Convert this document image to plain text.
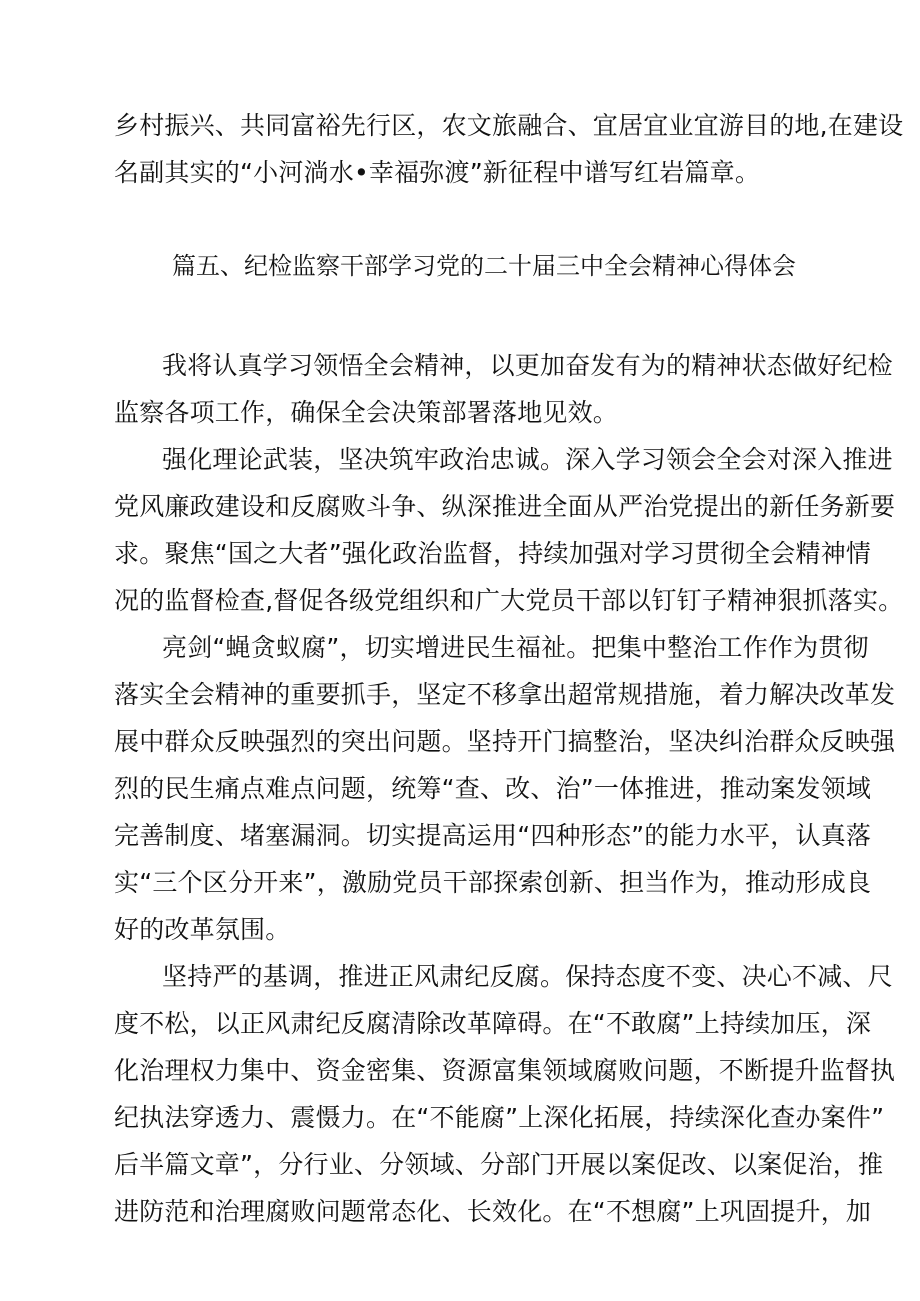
乡村振兴、共同富裕先行区，农文旅融合、宜居宜业宜游目的地,在建设
名副其实的“小河淌水•幸福弥渡”新征程中谱写红岩篇章。
篇五、纪检监察干部学习党的二十届三中全会精神心得体会
我将认真学习领悟全会精神，以更加奋发有为的精神状态做好纪检
监察各项工作，确保全会决策部署落地见效。
强化理论武装，坚决筑牢政治忠诚。深入学习领会全会对深入推进
党风廉政建设和反腐败斗争、纵深推进全面从严治党提出的新任务新要
求。聚焦“国之大者”强化政治监督，持续加强对学习贯彻全会精神情
况的监督检查,督促各级党组织和广大党员干部以钉钉子精神狠抓落实。
亮剑“蝇贪蚁腐”，切实增进民生福祉。把集中整治工作作为贯彻
落实全会精神的重要抓手，坚定不移拿出超常规措施，着力解决改革发
展中群众反映强烈的突出问题。坚持开门搞整治，坚决纠治群众反映强
烈的民生痛点难点问题，统筹“查、改、治”一体推进，推动案发领域
完善制度、堵塞漏洞。切实提高运用“四种形态”的能力水平，认真落
实“三个区分开来”，激励党员干部探索创新、担当作为，推动形成良
好的改革氛围。
坚持严的基调，推进正风肃纪反腐。保持态度不变、决心不减、尺
度不松，以正风肃纪反腐清除改革障碍。在“不敢腐”上持续加压，深
化治理权力集中、资金密集、资源富集领域腐败问题，不断提升监督执
纪执法穿透力、震慑力。在“不能腐”上深化拓展，持续深化查办案件”
后半篇文章”，分行业、分领域、分部门开展以案促改、以案促治，推
进防范和治理腐败问题常态化、长效化。在“不想腐”上巩固提升，加
